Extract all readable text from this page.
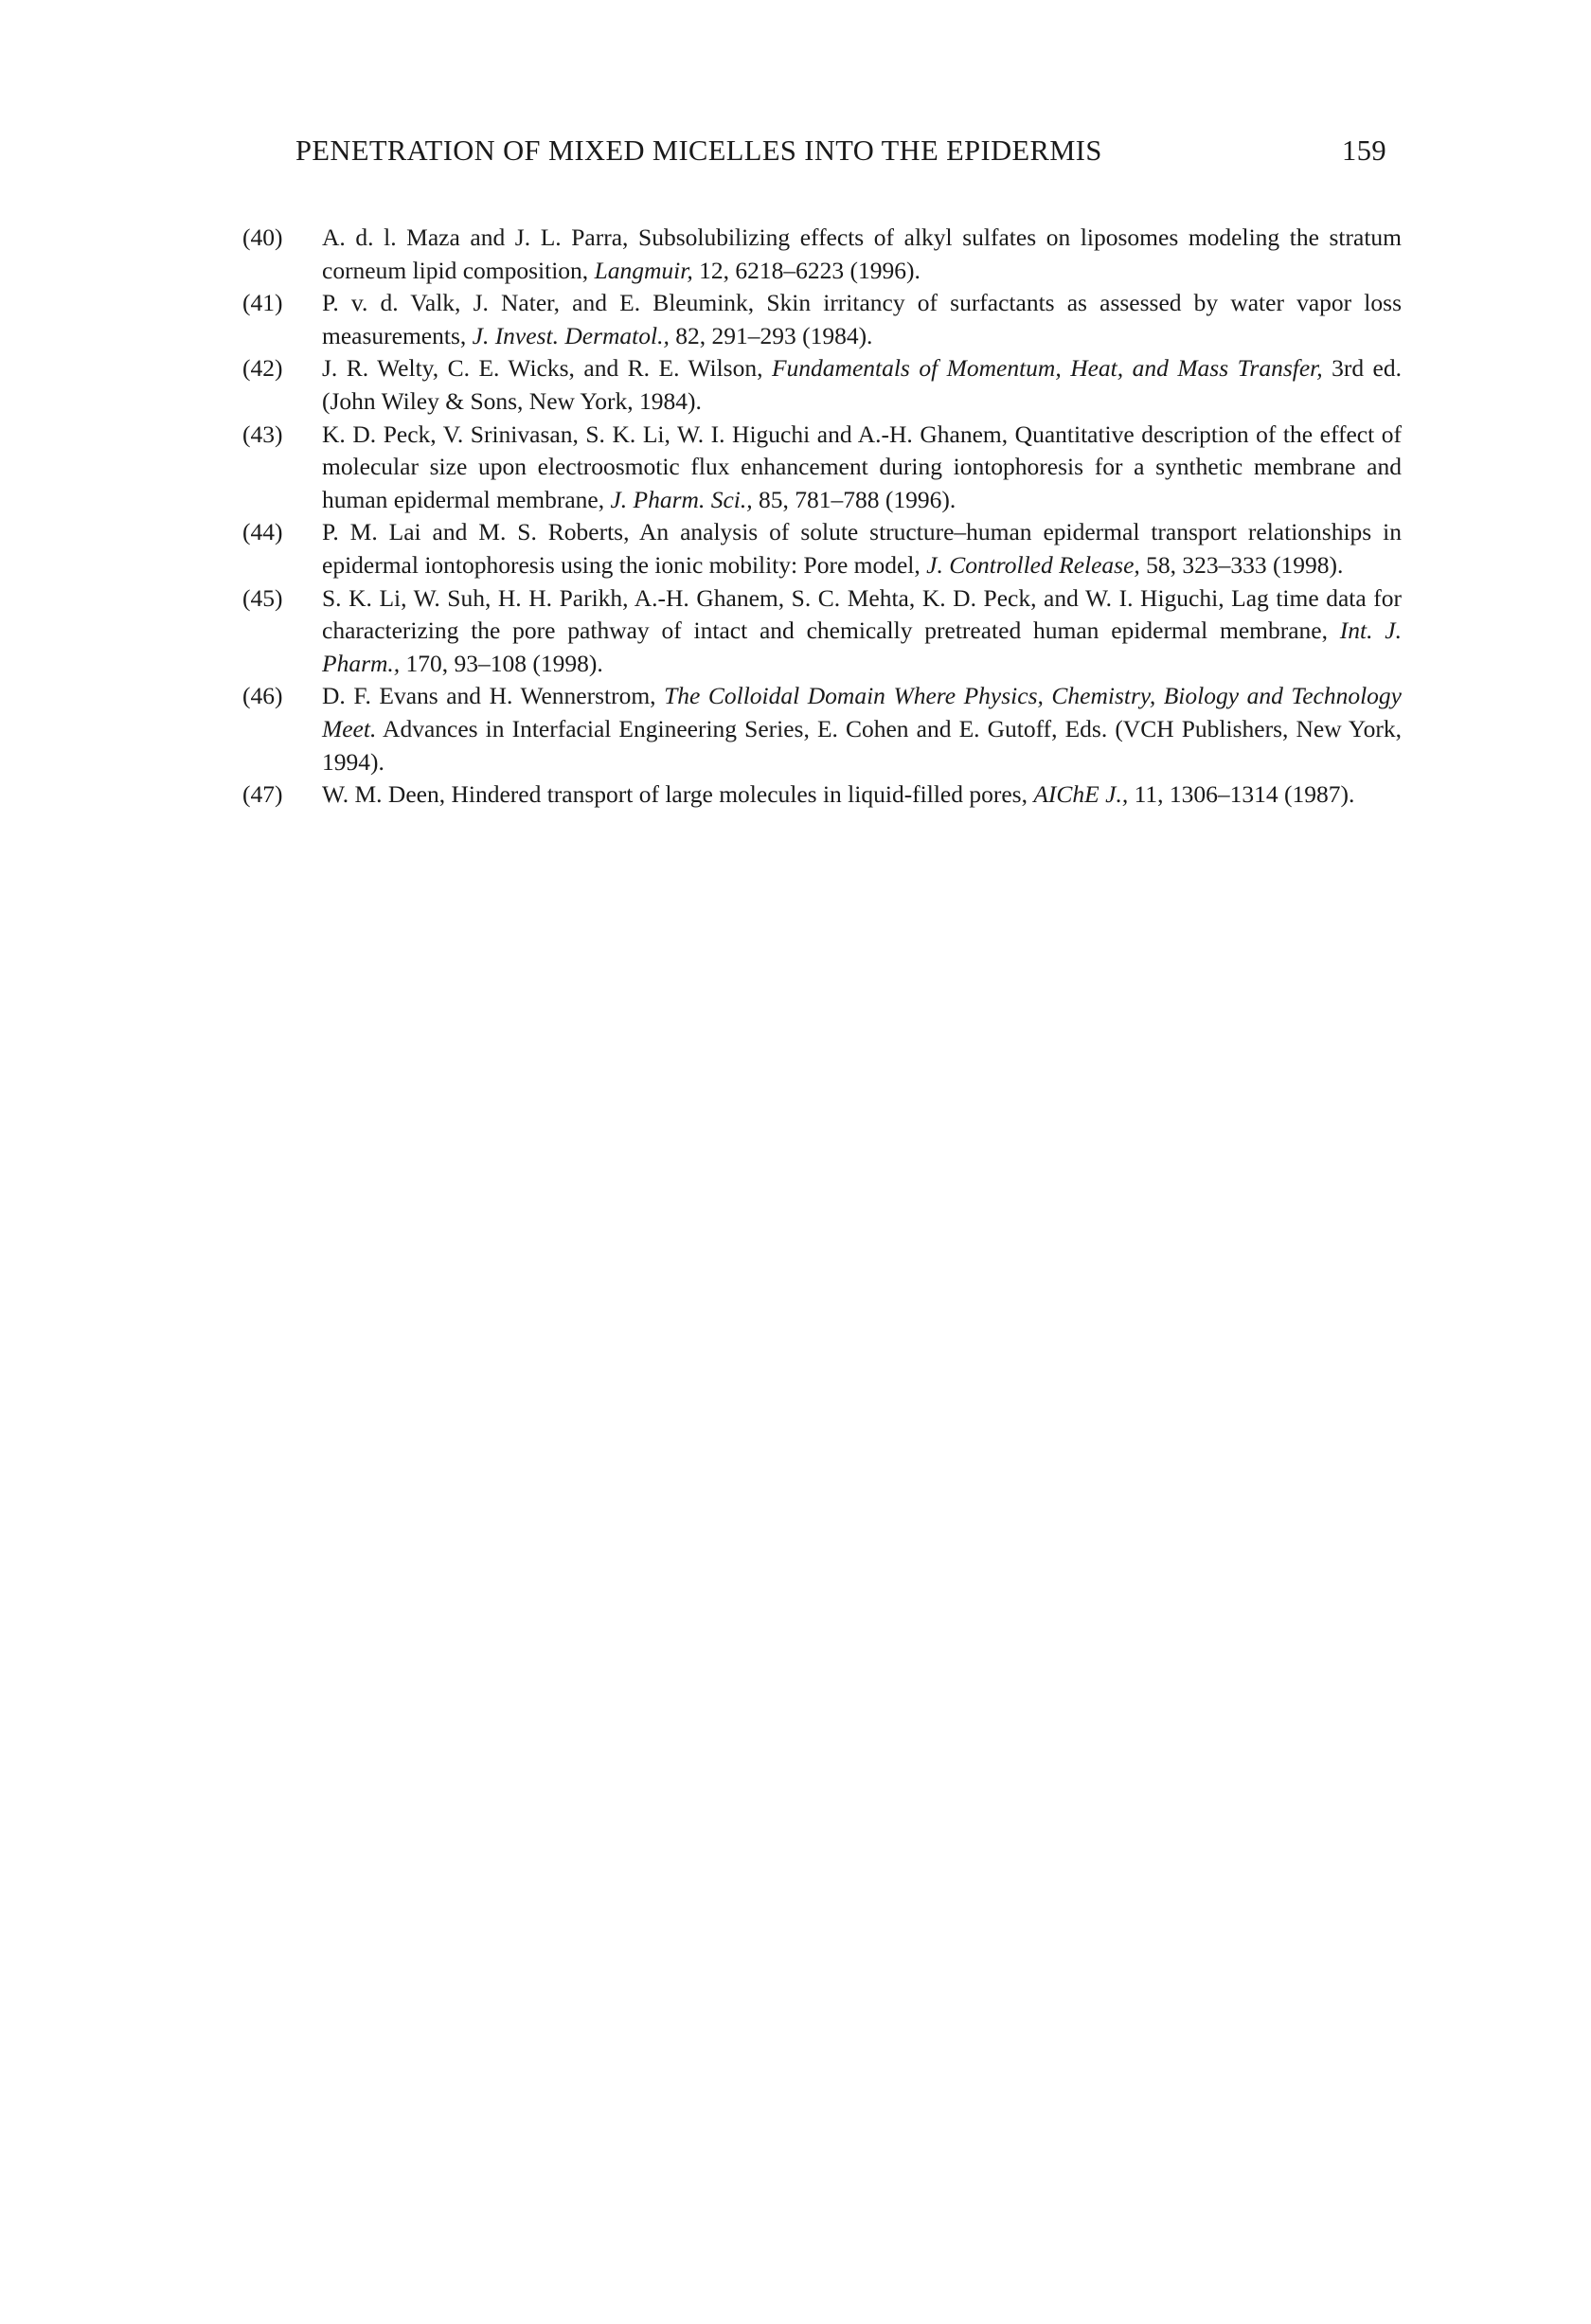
PENETRATION OF MIXED MICELLES INTO THE EPIDERMIS	159
(40)	A. d. l. Maza and J. L. Parra, Subsolubilizing effects of alkyl sulfates on liposomes modeling the stratum corneum lipid composition, Langmuir, 12, 6218–6223 (1996).
(41)	P. v. d. Valk, J. Nater, and E. Bleumink, Skin irritancy of surfactants as assessed by water vapor loss measurements, J. Invest. Dermatol., 82, 291–293 (1984).
(42)	J. R. Welty, C. E. Wicks, and R. E. Wilson, Fundamentals of Momentum, Heat, and Mass Transfer, 3rd ed. (John Wiley & Sons, New York, 1984).
(43)	K. D. Peck, V. Srinivasan, S. K. Li, W. I. Higuchi and A.-H. Ghanem, Quantitative description of the effect of molecular size upon electroosmotic flux enhancement during iontophoresis for a synthetic membrane and human epidermal membrane, J. Pharm. Sci., 85, 781–788 (1996).
(44)	P. M. Lai and M. S. Roberts, An analysis of solute structure–human epidermal transport relationships in epidermal iontophoresis using the ionic mobility: Pore model, J. Controlled Release, 58, 323–333 (1998).
(45)	S. K. Li, W. Suh, H. H. Parikh, A.-H. Ghanem, S. C. Mehta, K. D. Peck, and W. I. Higuchi, Lag time data for characterizing the pore pathway of intact and chemically pretreated human epidermal membrane, Int. J. Pharm., 170, 93–108 (1998).
(46)	D. F. Evans and H. Wennerstrom, The Colloidal Domain Where Physics, Chemistry, Biology and Technology Meet. Advances in Interfacial Engineering Series, E. Cohen and E. Gutoff, Eds. (VCH Publishers, New York, 1994).
(47)	W. M. Deen, Hindered transport of large molecules in liquid-filled pores, AIChE J., 11, 1306–1314 (1987).
